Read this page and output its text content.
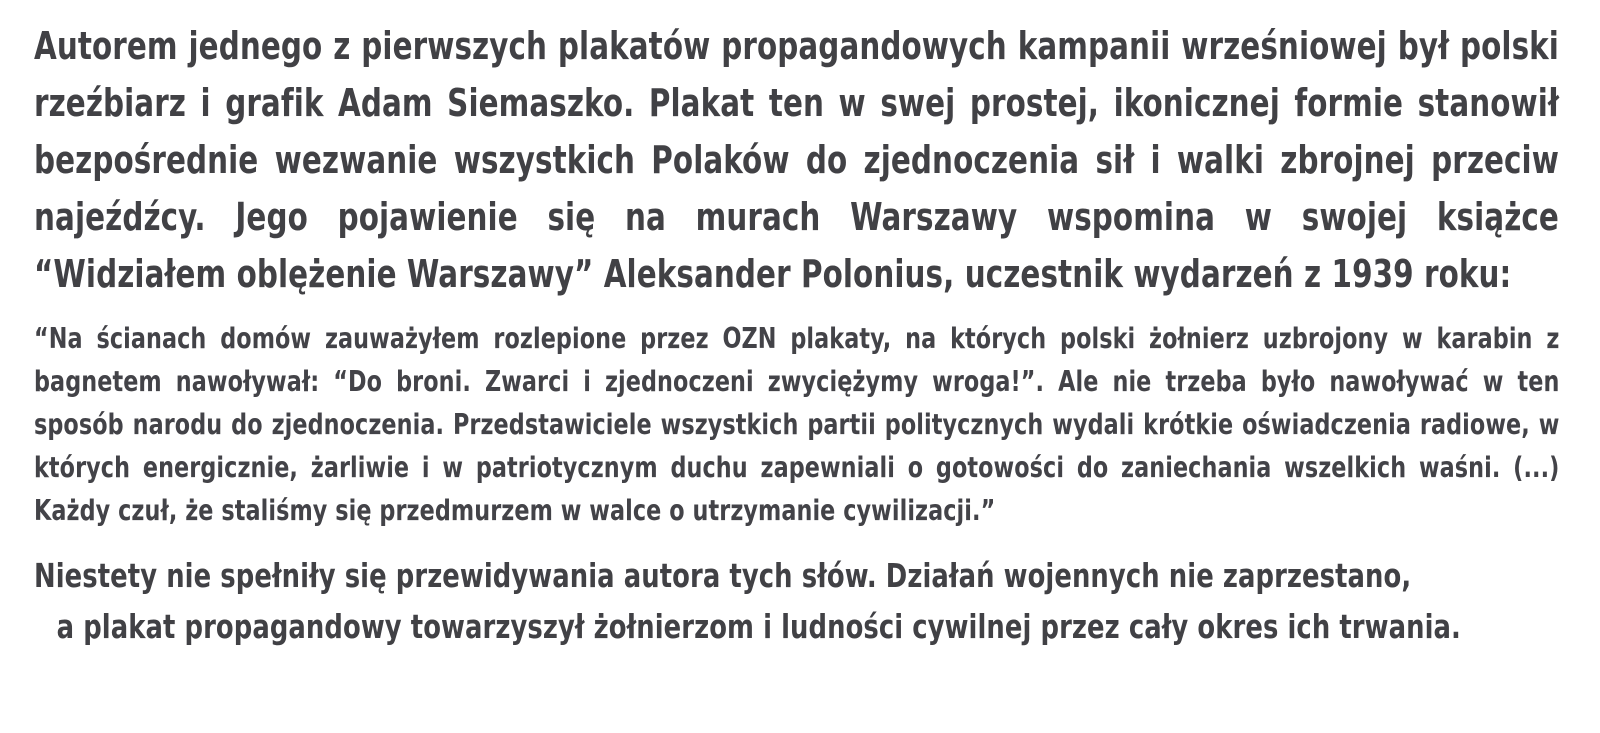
Autorem jednego z pierwszych plakatów propagandowych kampanii wrześniowej był polski rzeźbiarz i grafik Adam Siemaszko. Plakat ten w swej prostej, ikonicznej formie stanowił bezpośrednie wezwanie wszystkich Polaków do zjednoczenia sił i walki zbrojnej przeciw najeźdźcy. Jego pojawienie się na murach Warszawy wspomina w swojej książce “Widziałem oblężenie Warszawy” Aleksander Polonius, uczestnik wydarzeń z 1939 roku:

“Na ścianach domów zauważyłem rozlepione przez OZN plakaty, na których polski żołnierz uzbrojony w karabin z bagnetem nawoływał: “Do broni. Zwarci i zjednoczeni zwyciężymy wroga!”. Ale nie trzeba było nawoływać w ten sposób narodu do zjednoczenia. Przedstawiciele wszystkich partii politycznych wydali krótkie oświadczenia radiowe, w których energicznie, żarliwie i w patriotycznym duchu zapewniali o gotowości do zaniechania wszelkich waśni. (...) Każdy czuł, że staliśmy się przedmurzem w walce o utrzymanie cywilizacji.”

Niestety nie spełniły się przewidywania autora tych słów. Działań wojennych nie zaprzestano,
a plakat propagandowy towarzyszył żołnierzom i ludności cywilnej przez cały okres ich trwania.
